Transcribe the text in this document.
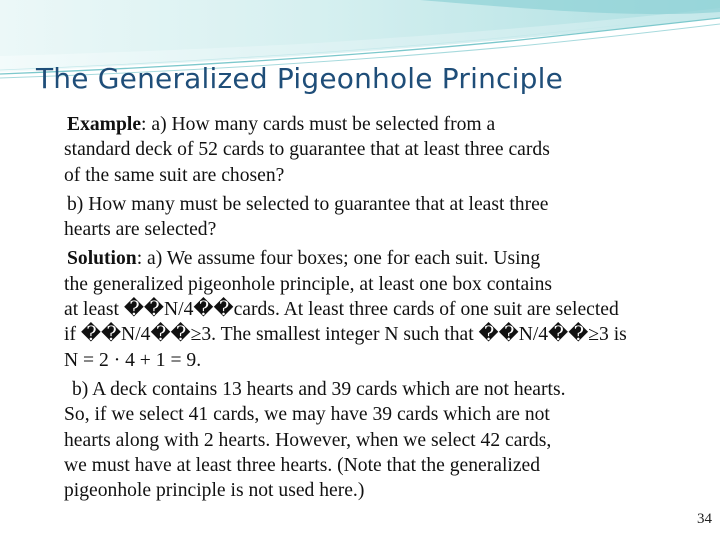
The Generalized Pigeonhole Principle
Example: a) How many cards must be selected from a
standard deck of 52 cards to guarantee that at least three cards
of the same suit are chosen?
b) How many must be selected to guarantee that at least three
hearts are selected?
Solution: a) We assume four boxes; one for each suit. Using
the generalized pigeonhole principle, at least one box contains
at least ��N/4��cards. At least three cards of one suit are selected
if ��N/4��≥3. The smallest integer N such that ��N/4��≥3 is
N = 2 · 4 + 1 = 9.
b) A deck contains 13 hearts and 39 cards which are not hearts.
So, if we select 41 cards, we may have 39 cards which are not
hearts along with 2 hearts. However, when we select 42 cards,
we must have at least three hearts. (Note that the generalized
pigeonhole principle is not used here.)
34
